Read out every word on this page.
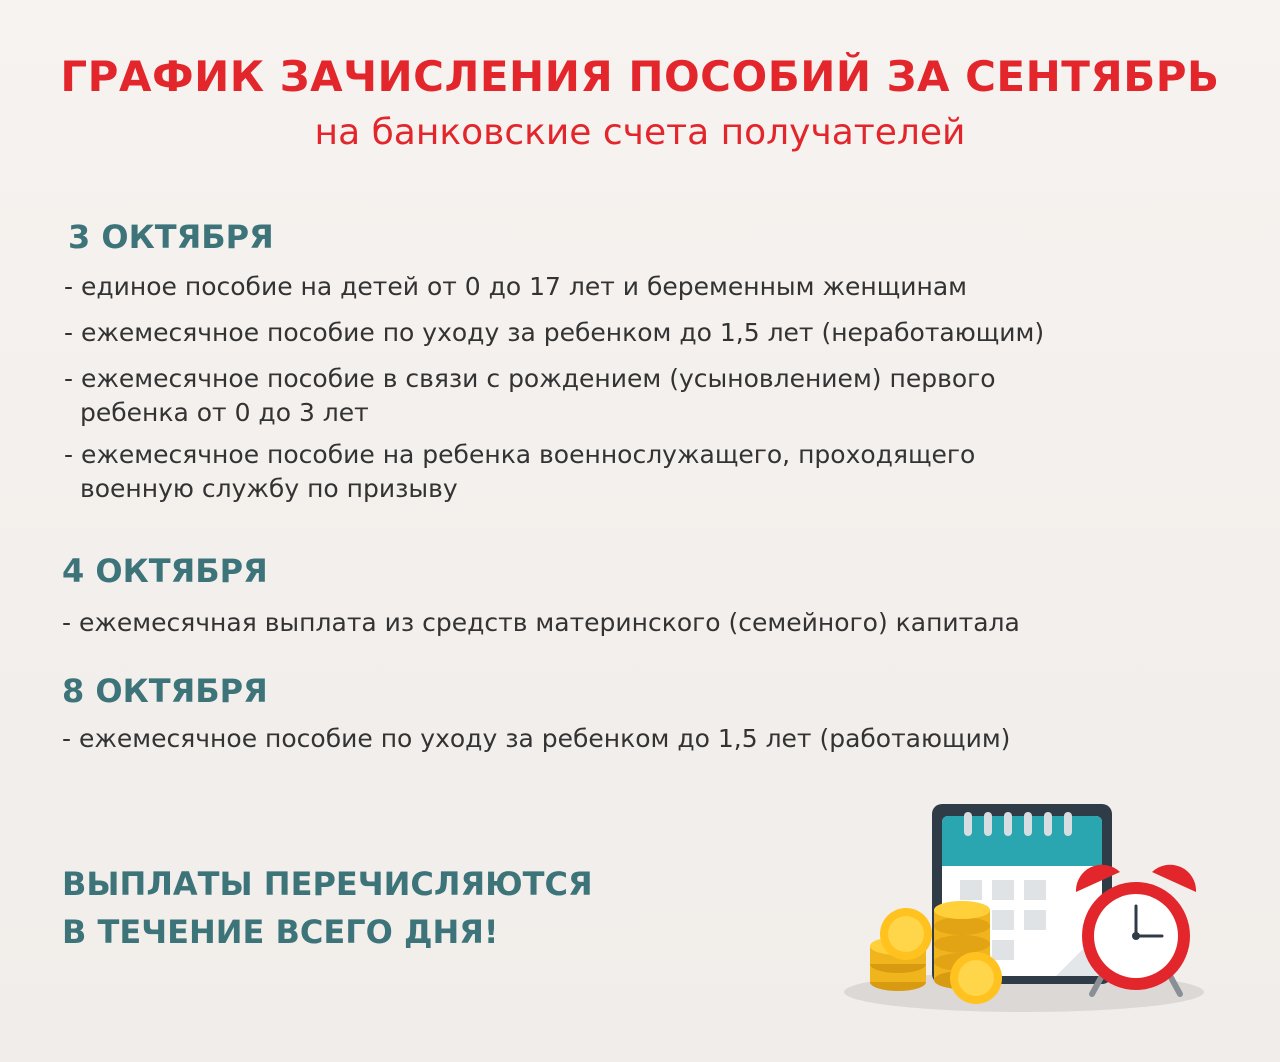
ГРАФИК ЗАЧИСЛЕНИЯ ПОСОБИЙ ЗА СЕНТЯБРЬ
на банковские счета получателей
3 ОКТЯБРЯ
- единое пособие на детей от 0 до 17 лет и беременным женщинам
- ежемесячное пособие по уходу за ребенком до 1,5 лет (неработающим)
- ежемесячное пособие в связи с рождением (усыновлением) первого
ребенка от 0 до 3 лет
- ежемесячное пособие на ребенка военнослужащего, проходящего
военную службу по призыву
4 ОКТЯБРЯ
- ежемесячная выплата из средств материнского (семейного) капитала
8 ОКТЯБРЯ
- ежемесячное пособие по уходу за ребенком до 1,5 лет (работающим)
ВЫПЛАТЫ ПЕРЕЧИСЛЯЮТСЯ
В ТЕЧЕНИЕ ВСЕГО ДНЯ!
